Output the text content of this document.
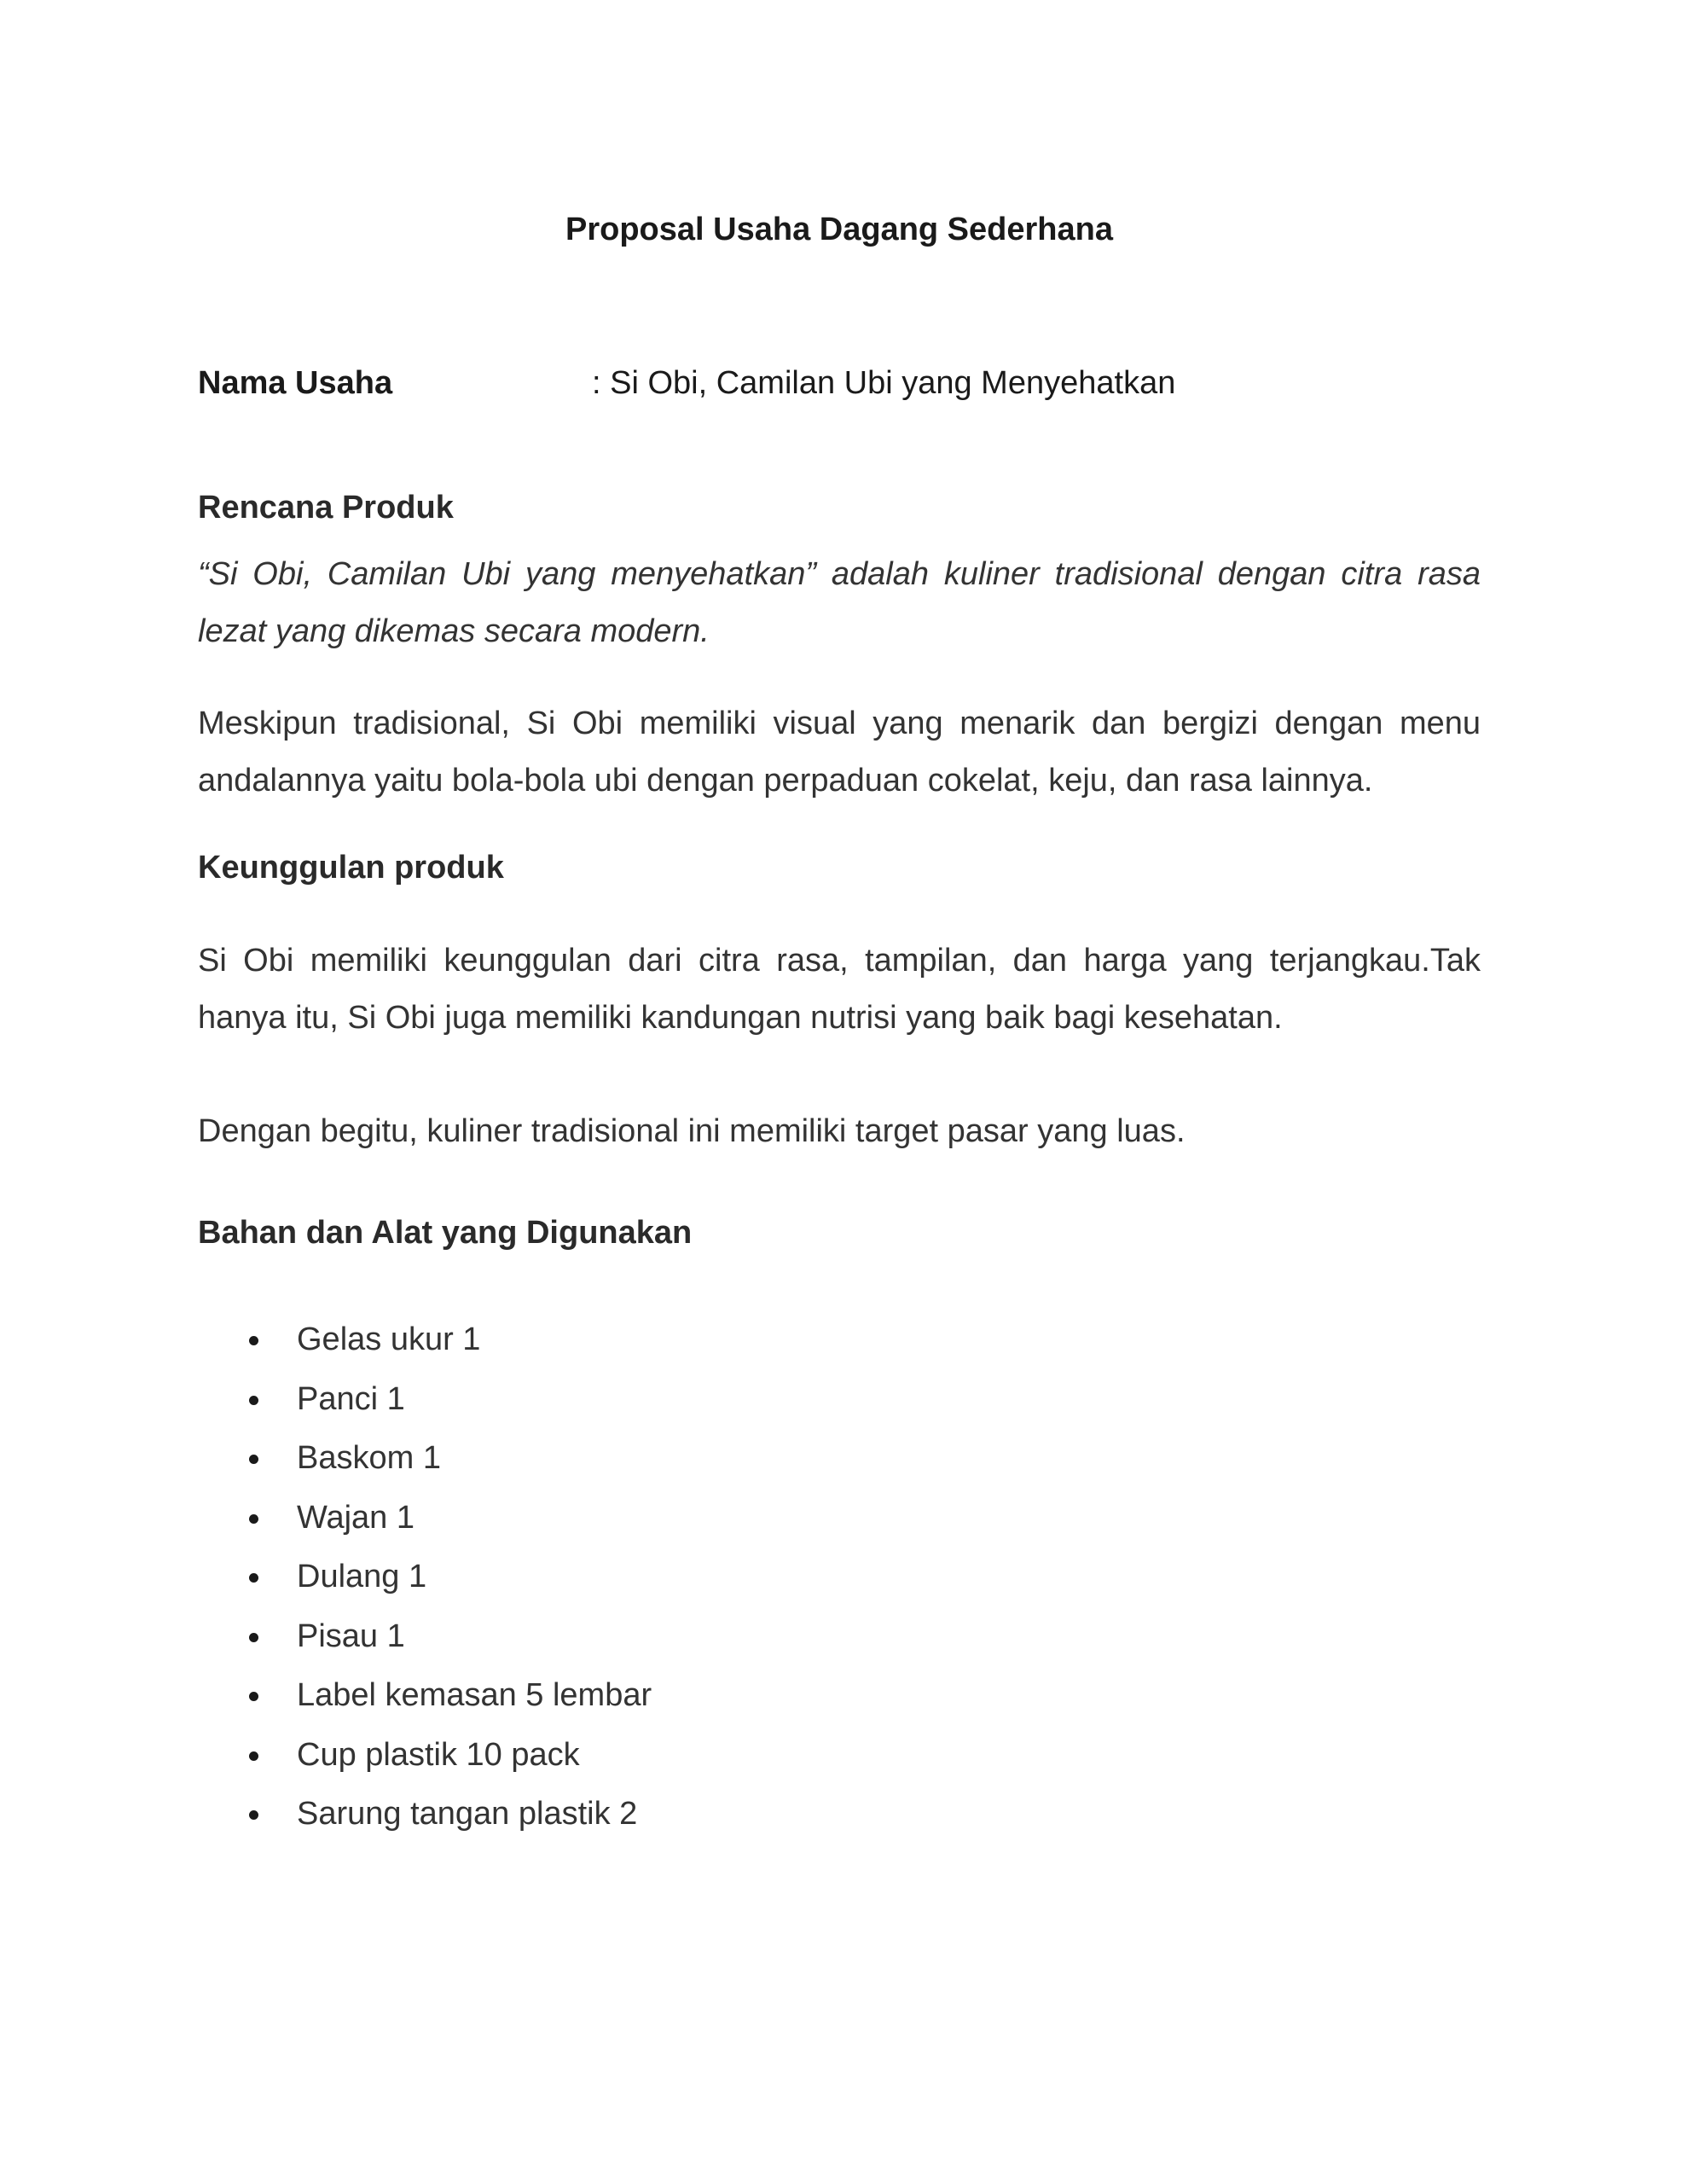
Proposal Usaha Dagang Sederhana
Nama Usaha	: Si Obi, Camilan Ubi yang Menyehatkan
Rencana Produk

“Si Obi, Camilan Ubi yang menyehatkan” adalah kuliner tradisional dengan citra rasa lezat yang dikemas secara modern.

Meskipun tradisional, Si Obi memiliki visual yang menarik dan bergizi dengan menu andalannya yaitu bola-bola ubi dengan perpaduan cokelat, keju, dan rasa lainnya.

Keunggulan produk

Si Obi memiliki keunggulan dari citra rasa, tampilan, dan harga yang terjangkau.Tak hanya itu, Si Obi juga memiliki kandungan nutrisi yang baik bagi kesehatan.

Dengan begitu, kuliner tradisional ini memiliki target pasar yang luas.

Bahan dan Alat yang Digunakan
Gelas ukur 1
Panci 1
Baskom 1
Wajan 1
Dulang 1
Pisau 1
Label kemasan 5 lembar
Cup plastik 10 pack
Sarung tangan plastik 2
